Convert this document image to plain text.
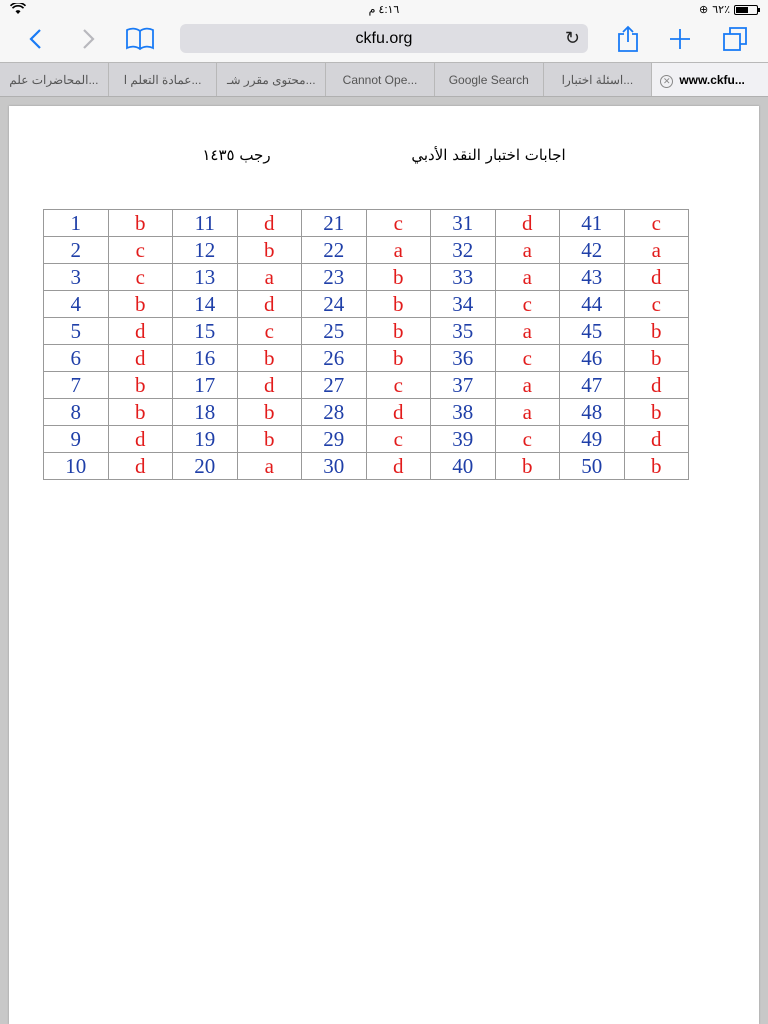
٤:١٦ م	⊕ ٦٢٪
ckfu.org	↻
المحاضرات علم...	عمادة التعلم ا...	محتوى مقرر شـ...	Cannot Ope...	Google Search	اسئلة اختبارا...	✕ www.ckfu...
اجابات اختبار النقد الأدبي رجب ١٤٣٥
1	b	11	d	21	c	31	d	41	c
2	c	12	b	22	a	32	a	42	a
3	c	13	a	23	b	33	a	43	d
4	b	14	d	24	b	34	c	44	c
5	d	15	c	25	b	35	a	45	b
6	d	16	b	26	b	36	c	46	b
7	b	17	d	27	c	37	a	47	d
8	b	18	b	28	d	38	a	48	b
9	d	19	b	29	c	39	c	49	d
10	d	20	a	30	d	40	b	50	b
